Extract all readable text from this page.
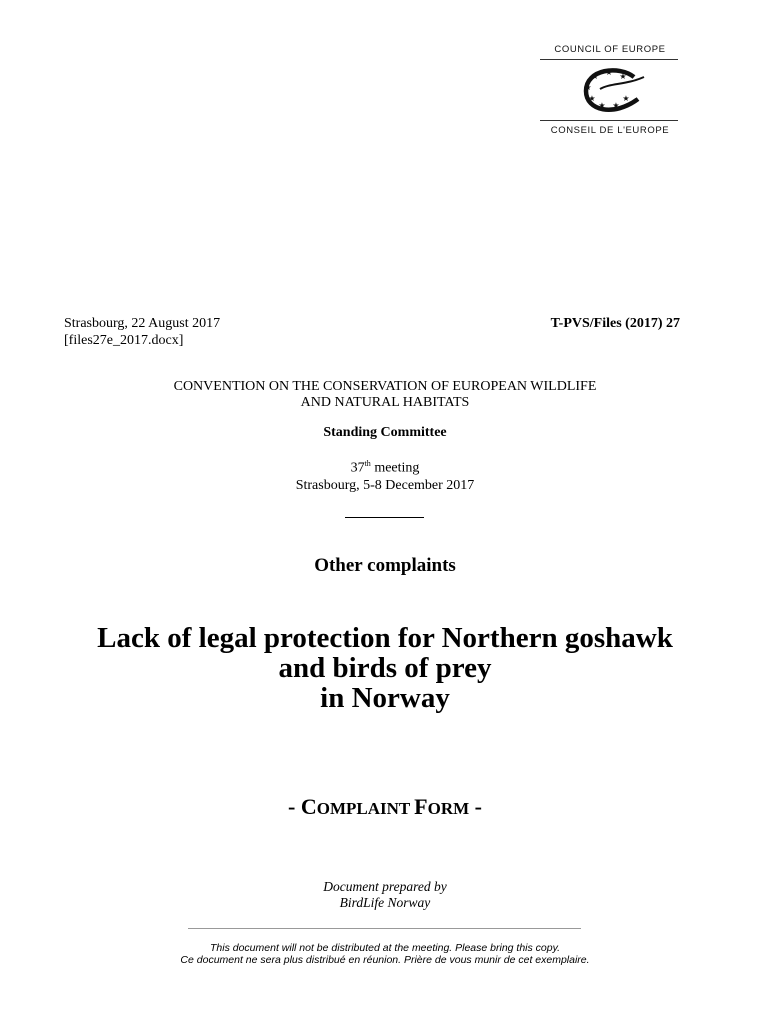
COUNCIL OF EUROPE
★
★	★
★
★	★
★ ★
CONSEIL DE L'EUROPE
Strasbourg, 22 August 2017
[files27e_2017.docx]
T-PVS/Files (2017) 27
CONVENTION ON THE CONSERVATION OF EUROPEAN WILDLIFE
AND NATURAL HABITATS
Standing Committee
37th meeting
Strasbourg, 5-8 December 2017
Other complaints
Lack of legal protection for Northern goshawk
and birds of prey
in Norway
- COMPLAINT FORM -
Document prepared by
BirdLife Norway
This document will not be distributed at the meeting. Please bring this copy.
Ce document ne sera plus distribué en réunion. Prière de vous munir de cet exemplaire.
